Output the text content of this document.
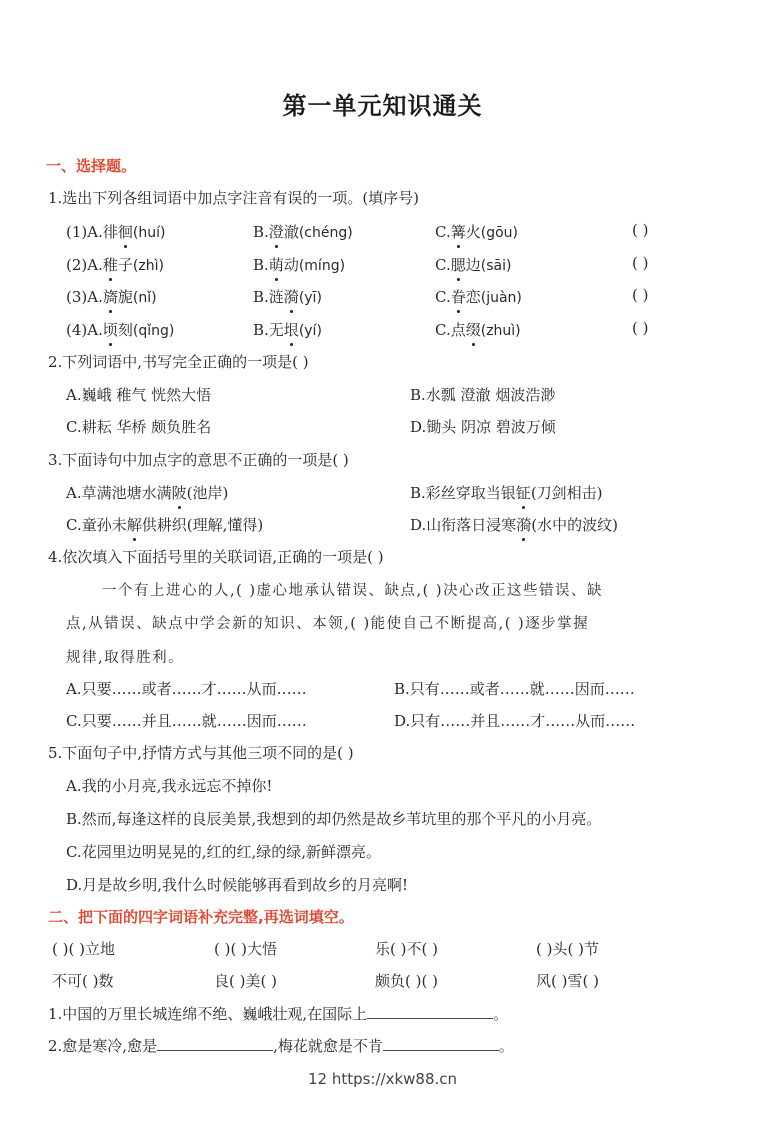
第一单元知识通关
一、选择题。
1.选出下列各组词语中加点字注音有误的一项。(填序号)
(1)A.徘徊(huí)	B.澄澈(chéng)	C.篝火(gōu)	( )
(2)A.稚子(zhì)	B.萌动(míng)	C.腮边(sāi)	( )
(3)A.旖旎(nǐ)	B.涟漪(yī)	C.眷恋(juàn)	( )
(4)A.顷刻(qǐng)	B.无垠(yí)	C.点缀(zhuì)	( )
2.下列词语中,书写完全正确的一项是( )
A.巍峨 稚气 恍然大悟	B.水瓢 澄澈 烟波浩渺
C.耕耘 华桥 颇负胜名	D.锄头 阴凉 碧波万倾
3.下面诗句中加点字的意思不正确的一项是( )
A.草满池塘水满陂(池岸)	B.彩丝穿取当银钲(刀剑相击)
C.童孙未解供耕织(理解,懂得)	D.山衔落日浸寒漪(水中的波纹)
4.依次填入下面括号里的关联词语,正确的一项是( )
一个有上进心的人,( )虚心地承认错误、缺点,( )决心改正这些错误、缺
点,从错误、缺点中学会新的知识、本领,( )能使自己不断提高,( )逐步掌握
规律,取得胜利。
A.只要……或者……才……从而……	B.只有……或者……就……因而……
C.只要……并且……就……因而……	D.只有……并且……才……从而……
5.下面句子中,抒情方式与其他三项不同的是( )
A.我的小月亮,我永远忘不掉你!
B.然而,每逢这样的良辰美景,我想到的却仍然是故乡苇坑里的那个平凡的小月亮。
C.花园里边明晃晃的,红的红,绿的绿,新鲜漂亮。
D.月是故乡明,我什么时候能够再看到故乡的月亮啊!
二、把下面的四字词语补充完整,再选词填空。
( )( )立地	( )( )大悟	乐( )不( )	( )头( )节
不可( )数	良( )美( )	颇负( )( )	风( )雪( )
1.中国的万里长城连绵不绝、巍峨壮观,在国际上	。
2.愈是寒冷,愈是	,梅花就愈是不肯	。
12 https://xkw88.cn
